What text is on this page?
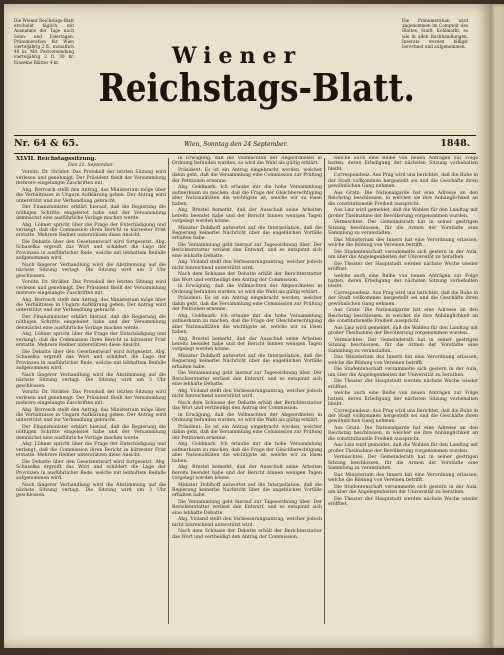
Die Wiener Reichstags-Blatt erscheint täglich, mit Ausnahme der Tage nach Sonn- und Feiertagen. Pränumeration für Wien vierteljährig 2 fl., monatlich 40 kr. Mit Postversendung vierteljährig 2 fl. 30 kr. Einzelne Blätter 4 kr.
Die Pränumeration wird angenommen im Comptoir des Blattes, Stadt, Kohlmarkt, so wie in allen Buchhandlungen. Inserate werden billigst berechnet und aufgenommen.
Wiener
Reichstags-Blatt.
Nr. 64 & 65.	Wien, Sonntag den 24 September.	1848.
XLVII. Reichstagssitzung.
Den 22. September.

Vorsitz: Dr. Sträßer. Das Protokoll der letzten Sitzung wird verlesen und genehmigt. Der Präsident theilt der Versammlung mehrere eingelangte Zuschriften mit.

Abg. Borrosch stellt den Antrag, das Ministerium möge über die Verhältnisse in Ungarn Aufklärung geben. Der Antrag wird unterstützt und zur Verhandlung gebracht.

Der Finanzminister erklärt hierauf, daß die Regierung die nöthigen Schritte eingeleitet habe und der Versammlung demnächst eine ausführliche Vorlage machen werde.

Abg. Löhner spricht über die Frage der Entschädigung und verlangt, daß die Commission ihren Bericht in kürzester Frist erstatte. Mehrere Redner unterstützen diese Ansicht.

Die Debatte über den Gesetzentwurf wird fortgesetzt. Abg. Schuselka ergreift das Wort und schildert die Lage der Provinzen in ausführlicher Rede, welche mit lebhaftem Beifalle aufgenommen wird.

Nach längerer Verhandlung wird die Abstimmung auf die nächste Sitzung vertagt. Die Sitzung wird um 3 Uhr geschlossen.

Vorsitz: Dr. Sträßer. Das Protokoll der letzten Sitzung wird verlesen und genehmigt. Der Präsident theilt der Versammlung mehrere eingelangte Zuschriften mit.

Abg. Borrosch stellt den Antrag, das Ministerium möge über die Verhältnisse in Ungarn Aufklärung geben. Der Antrag wird unterstützt und zur Verhandlung gebracht.

Der Finanzminister erklärt hierauf, daß die Regierung die nöthigen Schritte eingeleitet habe und der Versammlung demnächst eine ausführliche Vorlage machen werde.

Abg. Löhner spricht über die Frage der Entschädigung und verlangt, daß die Commission ihren Bericht in kürzester Frist erstatte. Mehrere Redner unterstützen diese Ansicht.

Die Debatte über den Gesetzentwurf wird fortgesetzt. Abg. Schuselka ergreift das Wort und schildert die Lage der Provinzen in ausführlicher Rede, welche mit lebhaftem Beifalle aufgenommen wird.

Nach längerer Verhandlung wird die Abstimmung auf die nächste Sitzung vertagt. Die Sitzung wird um 3 Uhr geschlossen.

Vorsitz: Dr. Sträßer. Das Protokoll der letzten Sitzung wird verlesen und genehmigt. Der Präsident theilt der Versammlung mehrere eingelangte Zuschriften mit.

Abg. Borrosch stellt den Antrag, das Ministerium möge über die Verhältnisse in Ungarn Aufklärung geben. Der Antrag wird unterstützt und zur Verhandlung gebracht.

Der Finanzminister erklärt hierauf, daß die Regierung die nöthigen Schritte eingeleitet habe und der Versammlung demnächst eine ausführliche Vorlage machen werde.

Abg. Löhner spricht über die Frage der Entschädigung und verlangt, daß die Commission ihren Bericht in kürzester Frist erstatte. Mehrere Redner unterstützen diese Ansicht.

Die Debatte über den Gesetzentwurf wird fortgesetzt. Abg. Schuselka ergreift das Wort und schildert die Lage der Provinzen in ausführlicher Rede, welche mit lebhaftem Beifalle aufgenommen wird.

Nach längerer Verhandlung wird die Abstimmung auf die nächste Sitzung vertagt. Die Sitzung wird um 3 Uhr geschlossen.

in Erwägung, daß die Vollmachten der Abgeordneten in Ordnung befunden wurden, so wird die Wahl als gültig erklärt.

Präsident: Es ist ein Antrag eingebracht worden, welcher dahin geht, daß die Versammlung eine Commission zur Prüfung der Petitionen ernenne.

Abg. Goldmark: Ich erlaube mir die hohe Versammlung aufmerksam zu machen, daß die Frage der Gleichberechtigung aller Nationalitäten die wichtigste ist, welche wir zu lösen haben.

Abg. Brestel bemerkt, daß der Ausschuß seine Arbeiten bereits beendet habe und der Bericht binnen wenigen Tagen vorgelegt werden könne.

Minister Doblhoff antwortet auf die Interpellation, daß die Regierung keinerlei Nachricht über die angeblichen Vorfälle erhalten habe.

Die Versammlung geht hierauf zur Tagesordnung über. Der Berichterstatter verliest den Entwurf, und es entspinnt sich eine lebhafte Debatte.

Abg. Violand stellt den Verbesserungsantrag, welcher jedoch nicht hinreichend unterstützt wird.

Nach dem Schlusse der Debatte erhält der Berichterstatter das Wort und vertheidigt den Antrag der Commission.

in Erwägung, daß die Vollmachten der Abgeordneten in Ordnung befunden wurden, so wird die Wahl als gültig erklärt.

Präsident: Es ist ein Antrag eingebracht worden, welcher dahin geht, daß die Versammlung eine Commission zur Prüfung der Petitionen ernenne.

Abg. Goldmark: Ich erlaube mir die hohe Versammlung aufmerksam zu machen, daß die Frage der Gleichberechtigung aller Nationalitäten die wichtigste ist, welche wir zu lösen haben.

Abg. Brestel bemerkt, daß der Ausschuß seine Arbeiten bereits beendet habe und der Bericht binnen wenigen Tagen vorgelegt werden könne.

Minister Doblhoff antwortet auf die Interpellation, daß die Regierung keinerlei Nachricht über die angeblichen Vorfälle erhalten habe.

Die Versammlung geht hierauf zur Tagesordnung über. Der Berichterstatter verliest den Entwurf, und es entspinnt sich eine lebhafte Debatte.

Abg. Violand stellt den Verbesserungsantrag, welcher jedoch nicht hinreichend unterstützt wird.

Nach dem Schlusse der Debatte erhält der Berichterstatter das Wort und vertheidigt den Antrag der Commission.

in Erwägung, daß die Vollmachten der Abgeordneten in Ordnung befunden wurden, so wird die Wahl als gültig erklärt.

Präsident: Es ist ein Antrag eingebracht worden, welcher dahin geht, daß die Versammlung eine Commission zur Prüfung der Petitionen ernenne.

Abg. Goldmark: Ich erlaube mir die hohe Versammlung aufmerksam zu machen, daß die Frage der Gleichberechtigung aller Nationalitäten die wichtigste ist, welche wir zu lösen haben.

Abg. Brestel bemerkt, daß der Ausschuß seine Arbeiten bereits beendet habe und der Bericht binnen wenigen Tagen vorgelegt werden könne.

Minister Doblhoff antwortet auf die Interpellation, daß die Regierung keinerlei Nachricht über die angeblichen Vorfälle erhalten habe.

Die Versammlung geht hierauf zur Tagesordnung über. Der Berichterstatter verliest den Entwurf, und es entspinnt sich eine lebhafte Debatte.

Abg. Violand stellt den Verbesserungsantrag, welcher jedoch nicht hinreichend unterstützt wird.

Nach dem Schlusse der Debatte erhält der Berichterstatter das Wort und vertheidigt den Antrag der Commission.

welche auch eine Reihe von neuen Anträgen zur Folge hatten, deren Erledigung der nächsten Sitzung vorbehalten bleibt.

Correspondenz. Aus Prag wird uns berichtet, daß die Ruhe in der Stadt vollkommen hergestellt sei und die Geschäfte ihren gewöhnlichen Gang nehmen.

Aus Gratz: Die Nationalgarde hat eine Adresse an den Reichstag beschlossen, in welcher sie ihre Anhänglichkeit an die constitutionelle Freiheit ausspricht.

Aus Linz wird gemeldet, daß die Wahlen für den Landtag mit großer Theilnahme der Bevölkerung vorgenommen wurden.

Vermischtes. Der Gemeinderath hat in seiner gestrigen Sitzung beschlossen, für die Armen der Vorstädte eine Sammlung zu veranstalten.

Das Ministerium des Innern hat eine Verordnung erlassen, welche die Bildung von Vereinen betrifft.

Die Studentenschaft versammelte sich gestern in der Aula, um über die Angelegenheiten der Universität zu berathen.

Die Theater der Hauptstadt werden nächste Woche wieder eröffnet.

welche auch eine Reihe von neuen Anträgen zur Folge hatten, deren Erledigung der nächsten Sitzung vorbehalten bleibt.

Correspondenz. Aus Prag wird uns berichtet, daß die Ruhe in der Stadt vollkommen hergestellt sei und die Geschäfte ihren gewöhnlichen Gang nehmen.

Aus Gratz: Die Nationalgarde hat eine Adresse an den Reichstag beschlossen, in welcher sie ihre Anhänglichkeit an die constitutionelle Freiheit ausspricht.

Aus Linz wird gemeldet, daß die Wahlen für den Landtag mit großer Theilnahme der Bevölkerung vorgenommen wurden.

Vermischtes. Der Gemeinderath hat in seiner gestrigen Sitzung beschlossen, für die Armen der Vorstädte eine Sammlung zu veranstalten.

Das Ministerium des Innern hat eine Verordnung erlassen, welche die Bildung von Vereinen betrifft.

Die Studentenschaft versammelte sich gestern in der Aula, um über die Angelegenheiten der Universität zu berathen.

Die Theater der Hauptstadt werden nächste Woche wieder eröffnet.

welche auch eine Reihe von neuen Anträgen zur Folge hatten, deren Erledigung der nächsten Sitzung vorbehalten bleibt.

Correspondenz. Aus Prag wird uns berichtet, daß die Ruhe in der Stadt vollkommen hergestellt sei und die Geschäfte ihren gewöhnlichen Gang nehmen.

Aus Gratz: Die Nationalgarde hat eine Adresse an den Reichstag beschlossen, in welcher sie ihre Anhänglichkeit an die constitutionelle Freiheit ausspricht.

Aus Linz wird gemeldet, daß die Wahlen für den Landtag mit großer Theilnahme der Bevölkerung vorgenommen wurden.

Vermischtes. Der Gemeinderath hat in seiner gestrigen Sitzung beschlossen, für die Armen der Vorstädte eine Sammlung zu veranstalten.

Das Ministerium des Innern hat eine Verordnung erlassen, welche die Bildung von Vereinen betrifft.

Die Studentenschaft versammelte sich gestern in der Aula, um über die Angelegenheiten der Universität zu berathen.

Die Theater der Hauptstadt werden nächste Woche wieder eröffnet.
